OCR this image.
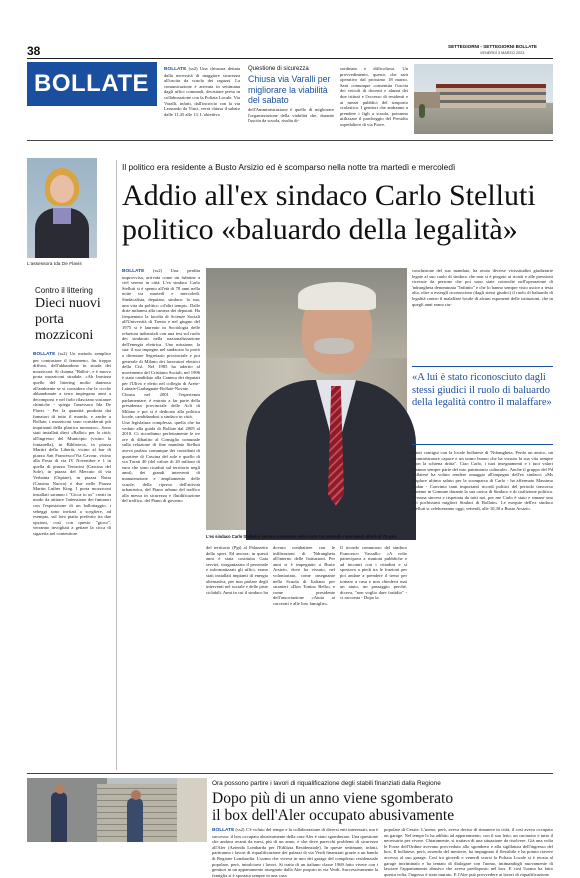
38	SETTEGIORNI - SETTEGIORNI BOLLATE
VENERDÌ 3 MARZO 2023
BOLLATE
BOLLATE (ss2) Una chiusura dettata dalla necessità di maggiore sicurezza all'uscita da scuola dei ragazzi. La comunicazione è arrivata in settimana dagli uffici comunali, decisione presa in collaborazione con la Polizia Locale. Via Varalli, infatti, dall'incrocio con la via Leonardo da Vinci, verrà chiusa il sabato dalle 11,45 alle 13. L'obiettivo
Questione di sicurezza
Chiusa via Varalli per migliorare la viabilità del sabato
dell'Amministrazione è quello di migliorare l'organizzazione della viabilità che, durante l'uscita da scuola, risulta di-
sordinata e difficoltosa. Un provvedimento, questo, che sarà operativo dal prossimo 18 marzo. Sarà comunque consentita l'uscita dei veicoli di docenti e alunni dei due istituti e l'accesso di residenti e ai mezzi pubblici del trasporto scolastico. I genitori che andranno a prendere i figli a scuola, potranno utilizzare il parcheggio del Presidio ospedaliero di via Piave.
L'assessora Ida De Flavis
Contro il littering
Dieci nuovi porta mozziconi
BOLLATE (ss2) Un metodo semplice per contrastare il fenomeno, fin troppo diffuso, dell'abbandono in strada dei mozziconi. Si chiama "Ballot-, e è nuovo porta mozziconi stradale. «Ah Ironizza quello del littering molto dannoso all'ambiente se si considera che le cicche abbandonate a terra impiegano anni a decomporsi e nel farlo rilasciano sostanze chimiche - spiega l'assessora Ida De Flavis - Per la quantità prodotta dai fumatori di tutto il mondo, e anche a Bollate, i mozziconi sono considerati più inquinanti della plastica monouso». Sono stati installati dieci «Ballot» per la città: all'ingresso del Municipio (vicino la fontanella), in Biblioteca, in piazza Martiri della Libertà, vicino al bar di piazza San Francesco/Via Cavour, vicino alla Posta di via IV Novembre e 1 in quella di piazza Terracini (Cascina del Sole), in piazza del Mercato di via Verbania (Ospiate), in piazza Nutta (Cassina Nuova) e due nelle Piazza Martin Luther King. I porta mozziconi installati saranno i "Cicca to us" creati in modo da attirare l'attenzione dei fumatori con l'esposizione di un ballottaggio, i sebeggi sono invitati a scegliere, ad esempio, sul loro piatto preferito tra due opzioni, così con questo "gioco", verranno invogliati a gettare la cicca di sigaretta nel contenitore.
Il politico era residente a Busto Arsizio ed è scomparso nella notte tra martedì e mercoledì
Addio all'ex sindaco Carlo Stelluti
politico «baluardo della legalità»
BOLLATE (ss2) Una perdita improvvisa, arrivata come un fulmine a ciel sereno in città. L'ex sindaco Carlo Stelluti si è spento all'età di 78 anni nella notte tra martedì e mercoledì. Sindacalista, deputato, sindaco: la sua, una vita da politico «d'altri tempi». Dalle dirie milanesi alla camera dei deputati. Ha frequentato la facoltà di Scienze Sociali all'Università di Trento e nel giugno del 1975 si è laureato in Sociologia delle relazioni industriali con una tesi sul ruolo dei sindacati nella nazionalizzazione dell'energia elettrica. Una missione, la sua: il suo impegno nel sindacato lo portò a diventare Segretario provinciale e poi generale di Milano dei lavoratori elettrici della Cisl. Nel 1985 ha aderito al movimento del Cristiano Sociali, nel 1996 è stato candidato alla Camera dei deputati per l'Ulivo e eletto nel collegio di Arese-Lainate-Garbagnate-Bollate-Novate. Chiusa nel 2001 l'esperienza parlamentare, è entrato a far parte della presidenza provinciale delle Acli di Milano e poi si è dedicato alla politica locale, candidandosi a sindaco in città.
Una legislatura complessa, quella che ha veduto alla guida di Bollate dal 2005 al 2010. Ci ricordiamo perfettamente le tre ore di dibattito al Consiglio comunale sulla relazione di fine mandato Stelluti aveva parlato comunque dei contributi di quartiere di Cascina del sole e quello di via Turati 40 (del valore di 20 milioni di euro che sono ricaduti sul territorio negli anni), dei grandi interventi di manutenzione e ampliamento delle scuole, della ripresa dell'attività urbanistica, del Piano urbano del traffico alla messa in sicurezza e fluidificazione del traffico, del Piano di governo
L'ex sindaco Carlo Stelluti è venuto a mancare nella notte tra martedì e mercoledì all'età di 78 anni
del territorio (Pgt) al Palazzetto dello sport. Ed ancora: in questi anni è stata costituita Gaia servizi, riorganizzato il personale e informatizzati gli uffici, erano stati installati impianti di energia alternativa, per non parlare degli interventi nel sociale e delle piste ciclabili. Anni in cui il sindaco ha
dovuto combattere con le infiltrazioni di 'Ndrangheta all'interno delle Istituzioni. Per anni si è impegnato a Busto Arsizio, dove ha vissuto, nel volontariato, come insegnante nella Scuola di Italiano per stranieri «Don Tonino Bello» e come presidente dell'associazione «Aiuto ai carcerati e alle loro famiglie».
Il ricordo commosso del sindaco Francesco Vassallo: «A volte partecipava a riunioni pubbliche e ad incontri con i cittadini e si spostava a piedi tra le frazioni per poi andare a prendere il treno per tornare a casa e non chiedeva mai un aiuto, un passaggio perché, diceva, "non voglio dare fastidio" - ci racconta - Dopo la
conclusione del suo mandato, ha avuto diverse vicissitudini giudiziarie legate al suo ruolo di sindaco che non si è piegato ai ricatti e alle pressioni ricevute da persone che poi sono state coinvolte nell'operazione di 'ndrangheta denominata "Infinito" e che lo hanno sempre visto uscire a testa alta, oltre a esserglì riconosciuto (dagli stessi giudici) il ruolo di baluardo di legalità contro il malaffare locale di alcuni esponenti delle istituzioni, che in quegli anni erano riu-
«A lui è stato riconosciuto dagli stessi giudici il ruolo di baluardo della legalità contro il malaffare»
sciuti contigui con la locale bollatese di 'Ndrangheta. Perdo un amico, un amministratore capace e un uomo buono che ha vissuto la sua vita sempre "con la schiena dritta". Ciao Carlo, i tuoi insegnamenti e i tuoi valori faranno sempre parte del mio patrimonio culturale». Anche il gruppo del Pd bollatese ha voluto rendere omaggio all'impegno dell'ex sindaco: «Ms displace ultimo saluto per la scomparsa di Carlo - ha affermato Massimo Padan - Convinto tanti importanti ricordi politici del periodo trascorso insieme in Comune durante la sua carica di Sindaco e di coalizione politica. Persona sincera e rispettata da tutti noi, per me Carlo è stato e rimane uno dei pochissimi migliori Sindaci di Bollate». Le esequie dell'ex sindaco Stelluti si celebreranno oggi, venerdì, alle 10,30 a Busto Arsizio.
Ora possono partire i lavori di riqualificazione degli stabili finanziati dalla Regione
Dopo più di un anno viene sgomberato
il box dell'Aler occupato abusivamente
BOLLATE (ss2) C'è voluto del tempo e la collaborazione di diversi enti interessati, ma è successo: il box occupato abusivamente della case Aler è stato sgomberato. Una questione che andava avanti da mesi, più di un anno, e che deve parecchi problemi di sicurezza all'Aler (Azienda Lombarda per l'Edilizia Residenziale). In queste settimane, infatti, partiranno i lavori di riqualificazione dei palazzi di via Verdi finanziati grazie a un bando di Regione Lombardia. L'uomo che viveva in uno dei garage del complesso residenziale popolare, però, intralciava i lavori. Si tratta di un italiano classe 1969 fatto vivere con i genitori in un appartamento assegnato dalla Aler proprio in via Verdi. Successivamente la famiglia si è spostata sempre in una casa
popolare di Cesate. L'uomo, però, aveva deciso di rimanere in città, il così aveva occupato un garage. Nel tempo lo ha adibito ad appartamento, con il suo letto, un cucinotto e tutto il necessario per vivere. Chiaramente, si trattava di una situazione da risolvere. Già una volta le Forze dell'Ordine avevano provveduto allo sgombero e alla sigillatura dell'ingresso del box. Il bollatese, però, essendo del mestiere, ha impugnato il flessibile e ha potuto riavere accesso al suo garage. Così tra giovedì e venerdì scorsi la Polizia Locale si è recata al garage incriminato e ha tentato di dialogare con l'uomo, intimandogli nuovamente di lasciare l'appartamento abusivo che aveva predisposto nel box. E così l'uomo ha fatto questa volta, l'ingesso è stato murato. E l'Aler può provvedere ai lavori di riqualificazione.
